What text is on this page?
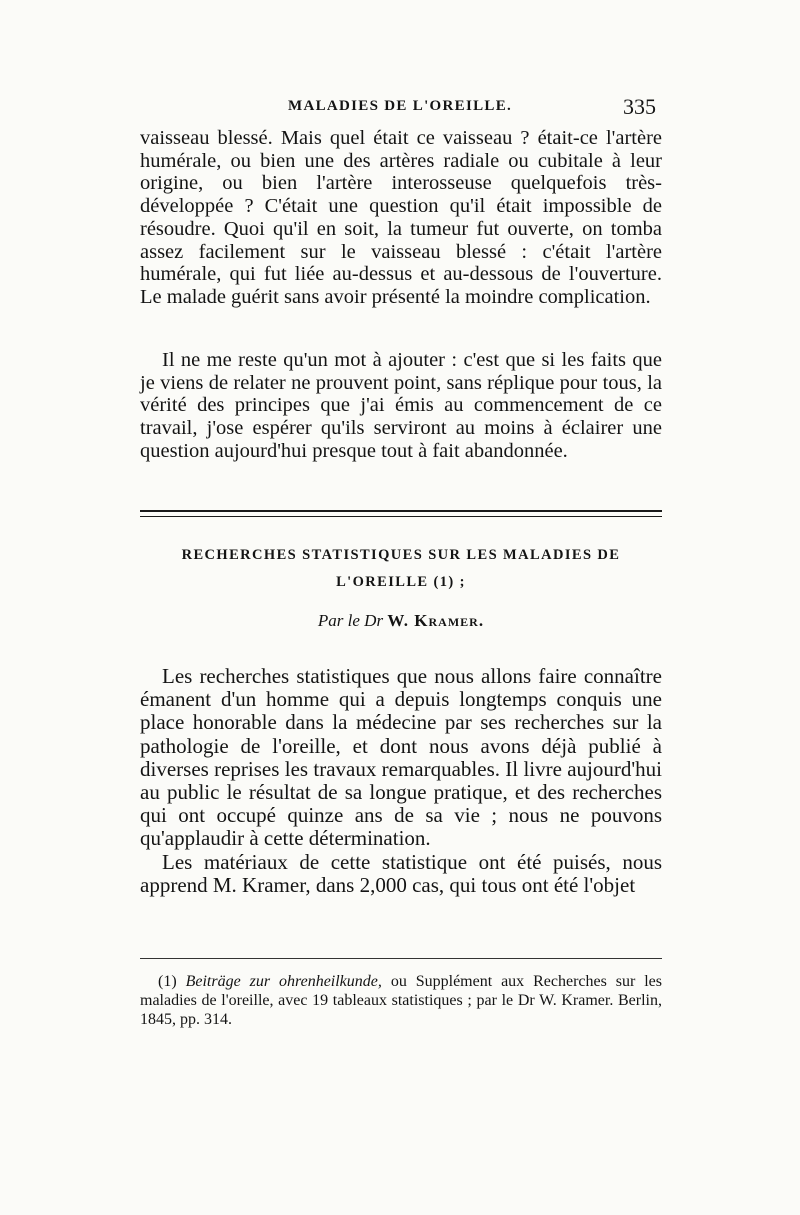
MALADIES DE L'OREILLE.	335

vaisseau blessé. Mais quel était ce vaisseau ? était-ce l'artère humérale, ou bien une des artères radiale ou cubitale à leur origine, ou bien l'artère interosseuse quelquefois très-développée ? C'était une question qu'il était impossible de résoudre. Quoi qu'il en soit, la tumeur fut ouverte, on tomba assez facilement sur le vaisseau blessé : c'était l'artère humérale, qui fut liée au-dessus et au-dessous de l'ouverture. Le malade guérit sans avoir présenté la moindre complication.

Il ne me reste qu'un mot à ajouter : c'est que si les faits que je viens de relater ne prouvent point, sans réplique pour tous, la vérité des principes que j'ai émis au commencement de ce travail, j'ose espérer qu'ils serviront au moins à éclairer une question aujourd'hui presque tout à fait abandonnée.

RECHERCHES STATISTIQUES SUR LES MALADIES DE
L'OREILLE (1) ;
Par le Dr W. Kramer.

Les recherches statistiques que nous allons faire connaître émanent d'un homme qui a depuis longtemps conquis une place honorable dans la médecine par ses recherches sur la pathologie de l'oreille, et dont nous avons déjà publié à diverses reprises les travaux remarquables. Il livre aujourd'hui au public le résultat de sa longue pratique, et des recherches qui ont occupé quinze ans de sa vie ; nous ne pouvons qu'applaudir à cette détermination.

Les matériaux de cette statistique ont été puisés, nous apprend M. Kramer, dans 2,000 cas, qui tous ont été l'objet

(1) Beiträge zur ohrenheilkunde, ou Supplément aux Recherches sur les maladies de l'oreille, avec 19 tableaux statistiques ; par le Dr W. Kramer. Berlin, 1845, pp. 314.
